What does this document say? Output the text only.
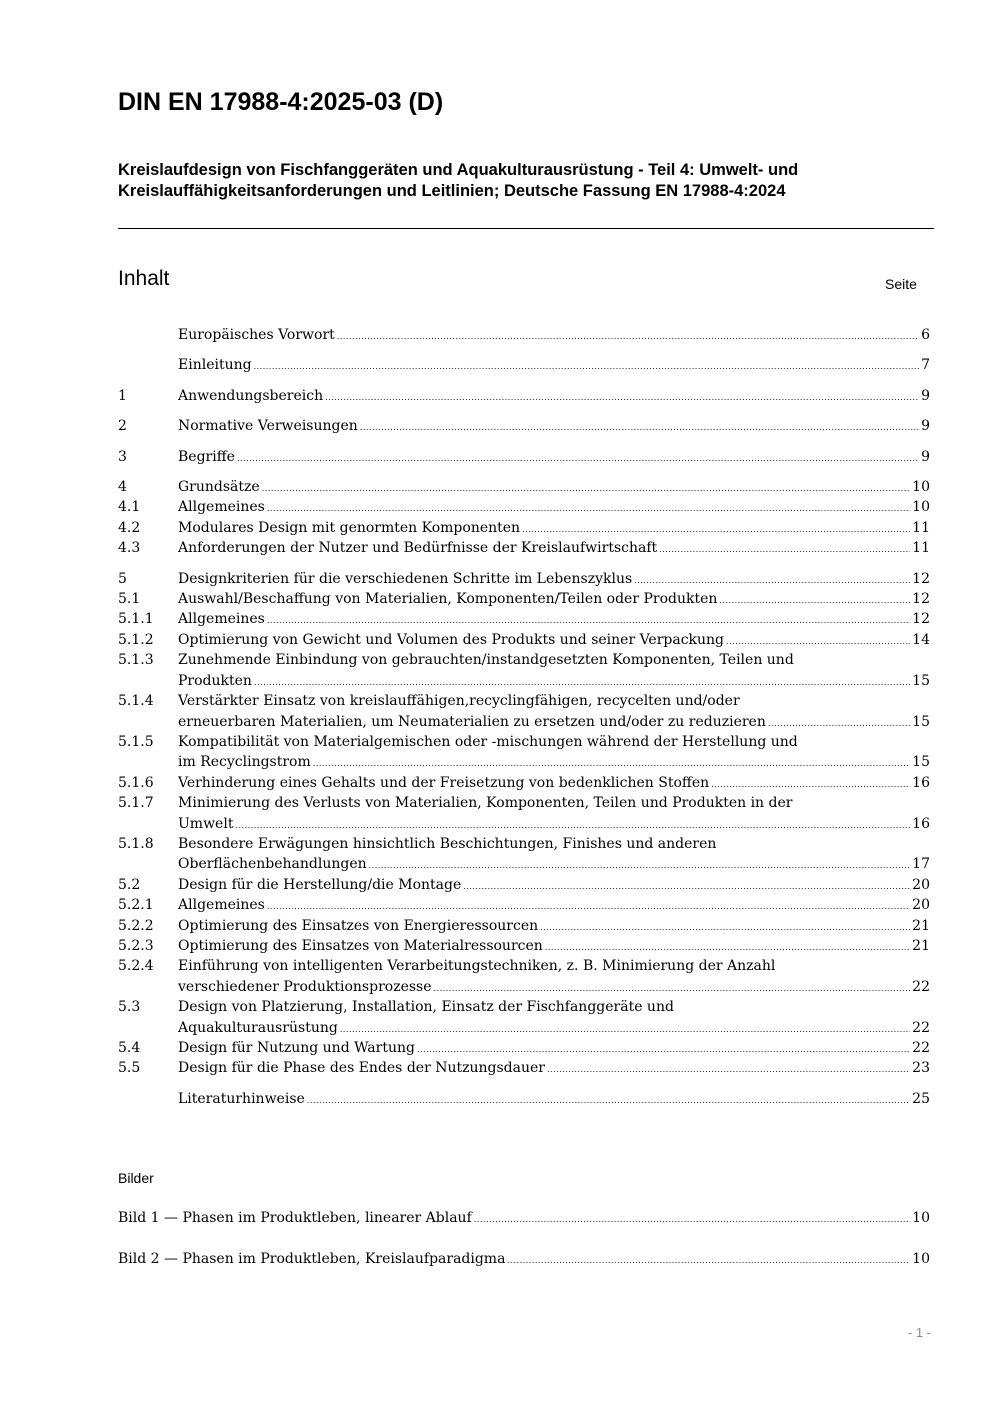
DIN EN 17988-4:2025-03 (D)
Kreislaufdesign von Fischfanggeräten und Aquakulturausrüstung - Teil 4: Umwelt- und Kreislauffähigkeitsanforderungen und Leitlinien; Deutsche Fassung EN 17988-4:2024
Inhalt	Seite
Europäisches Vorwort .....	6
Einleitung .....	7
1	Anwendungsbereich .....	9
2	Normative Verweisungen .....	9
3	Begriffe .....	9
4	Grundsätze .....	10
4.1	Allgemeines .....	10
4.2	Modulares Design mit genormten Komponenten .....	11
4.3	Anforderungen der Nutzer und Bedürfnisse der Kreislaufwirtschaft .....	11
5	Designkriterien für die verschiedenen Schritte im Lebenszyklus .....	12
5.1	Auswahl/Beschaffung von Materialien, Komponenten/Teilen oder Produkten .....	12
5.1.1	Allgemeines .....	12
5.1.2	Optimierung von Gewicht und Volumen des Produkts und seiner Verpackung .....	14
5.1.3	Zunehmende Einbindung von gebrauchten/instandgesetzten Komponenten, Teilen und
Produkten .....	15
5.1.4	Verstärkter Einsatz von kreislauffähigen,recyclingfähigen, recycelten und/oder
erneuerbaren Materialien, um Neumaterialien zu ersetzen und/oder zu reduzieren .....	15
5.1.5	Kompatibilität von Materialgemischen oder -mischungen während der Herstellung und
im Recyclingstrom .....	15
5.1.6	Verhinderung eines Gehalts und der Freisetzung von bedenklichen Stoffen .....	16
5.1.7	Minimierung des Verlusts von Materialien, Komponenten, Teilen und Produkten in der
Umwelt .....	16
5.1.8	Besondere Erwägungen hinsichtlich Beschichtungen, Finishes und anderen
Oberflächenbehandlungen .....	17
5.2	Design für die Herstellung/die Montage .....	20
5.2.1	Allgemeines .....	20
5.2.2	Optimierung des Einsatzes von Energieressourcen .....	21
5.2.3	Optimierung des Einsatzes von Materialressourcen .....	21
5.2.4	Einführung von intelligenten Verarbeitungstechniken, z. B. Minimierung der Anzahl
verschiedener Produktionsprozesse .....	22
5.3	Design von Platzierung, Installation, Einsatz der Fischfanggeräte und
Aquakulturausrüstung .....	22
5.4	Design für Nutzung und Wartung .....	22
5.5	Design für die Phase des Endes der Nutzungsdauer .....	23
Literaturhinweise .....	25
Bilder
Bild 1 — Phasen im Produktleben, linearer Ablauf .....	10
Bild 2 — Phasen im Produktleben, Kreislaufparadigma .....	10
- 1 -
